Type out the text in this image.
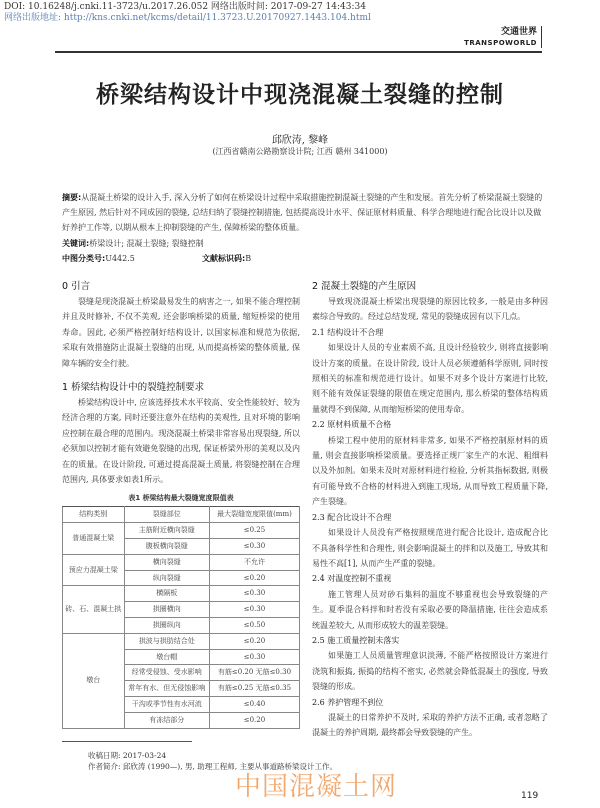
DOI: 10.16248/j.cnki.11-3723/u.2017.26.052 网络出版时间: 2017-09-27 14:43:34
网络出版地址: http://kns.cnki.net/kcms/detail/11.3723.U.20170927.1443.104.html
交通世界
TRANSPOWORLD
桥梁结构设计中现浇混凝土裂缝的控制
邱欣涛, 黎峰
(江西省赣南公路勘察设计院; 江西 赣州 341000)
摘要:从混凝土桥梁的设计入手, 深入分析了如何在桥梁设计过程中采取措施控制混凝土裂缝的产生和发展。首先分析了桥梁混凝土裂缝的产生原因, 然后针对不同成因的裂缝, 总结归纳了裂缝控制措施, 包括提高设计水平、保证原材料质量、科学合理地进行配合比设计以及做好养护工作等, 以期从根本上抑制裂缝的产生, 保障桥梁的整体质量。
关键词:桥梁设计; 混凝土裂缝; 裂缝控制
中图分类号:U442.5	文献标识码:B
0 引言

裂缝是现浇混凝土桥梁最易发生的病害之一, 如果不能合理控制并且及时修补, 不仅不美观, 还会影响桥梁的质量, 缩短桥梁的使用寿命。因此, 必须严格控制好结构设计, 以国家标准和规范为依据, 采取有效措施防止混凝土裂缝的出现, 从而提高桥梁的整体质量, 保障车辆的安全行驶。

1 桥梁结构设计中的裂缝控制要求

桥梁结构设计中, 应该选择技术水平较高、安全性能较好、较为经济合理的方案, 同时还要注意外在结构的美观性, 且对环境的影响应控制在最合理的范围内。现浇混凝土桥梁非常容易出现裂缝, 所以必须加以控制才能有效避免裂缝的出现, 保证桥梁外形的美观以及内在的质量。在设计阶段, 可通过提高混凝土质量, 将裂缝控制在合理范围内, 具体要求如表1所示。

表1 桥梁结构最大裂缝宽度限值表
结构类别	裂缝部位	最大裂缝宽度限值(mm)
普通混凝土梁	主筋附近横向裂缝	≤0.25
	腹板横向裂缝	≤0.30
预应力混凝土梁	横向裂缝	不允许
	纵向裂缝	≤0.20
砖、石、混凝土拱	横隔板	≤0.30
	拱圈横向	≤0.30
	拱圈纵向	≤0.50
墩台	拱波与拱肋结合处	≤0.20
	墩台帽	≤0.30
	经常受侵蚀、受水影响	有筋≤0.20 无筋≤0.30
	常年有水、但无侵蚀影响	有筋≤0.25 无筋≤0.35
	干沟或季节性有水河流	≤0.40
	有冻结部分	≤0.20
2 混凝土裂缝的产生原因

导致现浇混凝土桥梁出现裂缝的原因比较多, 一般是由多种因素综合导致的。经过总结发现, 常见的裂缝成因有以下几点。

2.1 结构设计不合理

如果设计人员的专业素质不高, 且设计经验较少, 则将直接影响设计方案的质量。在设计阶段, 设计人员必须遵循科学原则, 同时按照相关的标准和规范进行设计。如果不对多个设计方案进行比较, 则不能有效保证裂缝的限值在规定范围内, 那么桥梁的整体结构质量就得不到保障, 从而缩短桥梁的使用寿命。

2.2 原材料质量不合格

桥梁工程中使用的原材料非常多, 如果不严格控制原材料的质量, 则会直接影响桥梁质量。要选择正规厂家生产的水泥、粗细料以及外加剂。如果未及时对原材料进行检验, 分析其指标数据, 则极有可能导致不合格的材料进入到施工现场, 从而导致工程质量下降, 产生裂缝。

2.3 配合比设计不合理

如果设计人员没有严格按照规范进行配合比设计, 造成配合比不具备科学性和合理性, 则会影响混凝土的拌和以及施工, 导致其和易性不高[1], 从而产生严重的裂缝。

2.4 对温度控制不重视

施工管理人员对砂石集料的温度不够重视也会导致裂缝的产生。夏季混合料拌和时若没有采取必要的降温措施, 往往会造成系统温差较大, 从而形成较大的温差裂缝。

2.5 施工质量控制未落实

如果施工人员质量管理意识淡薄, 不能严格按照设计方案进行浇筑和振捣, 振捣的结构不密实, 必然就会降低混凝土的强度, 导致裂缝的形成。

2.6 养护管理不到位

混凝土的日常养护不及时, 采取的养护方法不正确, 或者忽略了混凝土的养护周期, 最终都会导致裂缝的产生。

收稿日期: 2017-03-24
作者简介: 邱欣涛 (1990—), 男, 助理工程师, 主要从事道路桥梁设计工作。
中国混凝土网	119
